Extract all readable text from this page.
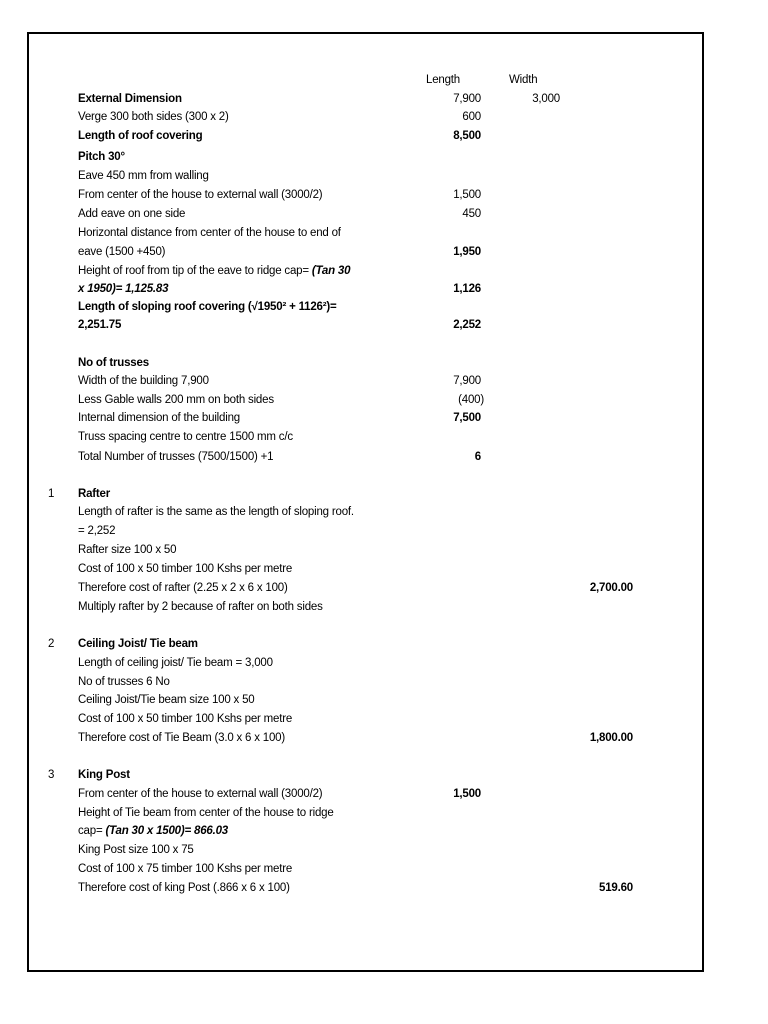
Length	Width
External Dimension	7,900	3,000
Verge 300 both sides (300 x 2)	600
Length of roof covering	8,500
Pitch 30°
Eave 450 mm from walling
From center of the house to external wall (3000/2)	1,500
Add eave on one side	450
Horizontal distance from center of the house to end of
eave (1500 +450)	1,950
Height of roof from tip of the eave to ridge cap= (Tan 30
x 1950)= 1,125.83	1,126
Length of sloping roof covering (√1950² + 1126²)=
2,251.75	2,252
No of trusses
Width of the building 7,900	7,900
Less Gable walls 200 mm on both sides	(400)
Internal dimension of the building	7,500
Truss spacing centre to centre 1500 mm c/c
Total Number of trusses (7500/1500) +1	6
1 Rafter
Length of rafter is the same as the length of sloping roof.
= 2,252
Rafter size 100 x 50
Cost of 100 x 50 timber 100 Kshs per metre
Therefore cost of rafter (2.25 x 2 x 6 x 100)	2,700.00
Multiply rafter by 2 because of rafter on both sides
2 Ceiling Joist/ Tie beam
Length of ceiling joist/ Tie beam = 3,000
No of trusses 6 No
Ceiling Joist/Tie beam size 100 x 50
Cost of 100 x 50 timber 100 Kshs per metre
Therefore cost of Tie Beam (3.0 x 6 x 100)	1,800.00
3 King Post
From center of the house to external wall (3000/2)	1,500
Height of Tie beam from center of the house to ridge
cap= (Tan 30 x 1500)= 866.03
King Post size 100 x 75
Cost of 100 x 75 timber 100 Kshs per metre
Therefore cost of king Post (.866 x 6 x 100)	519.60
